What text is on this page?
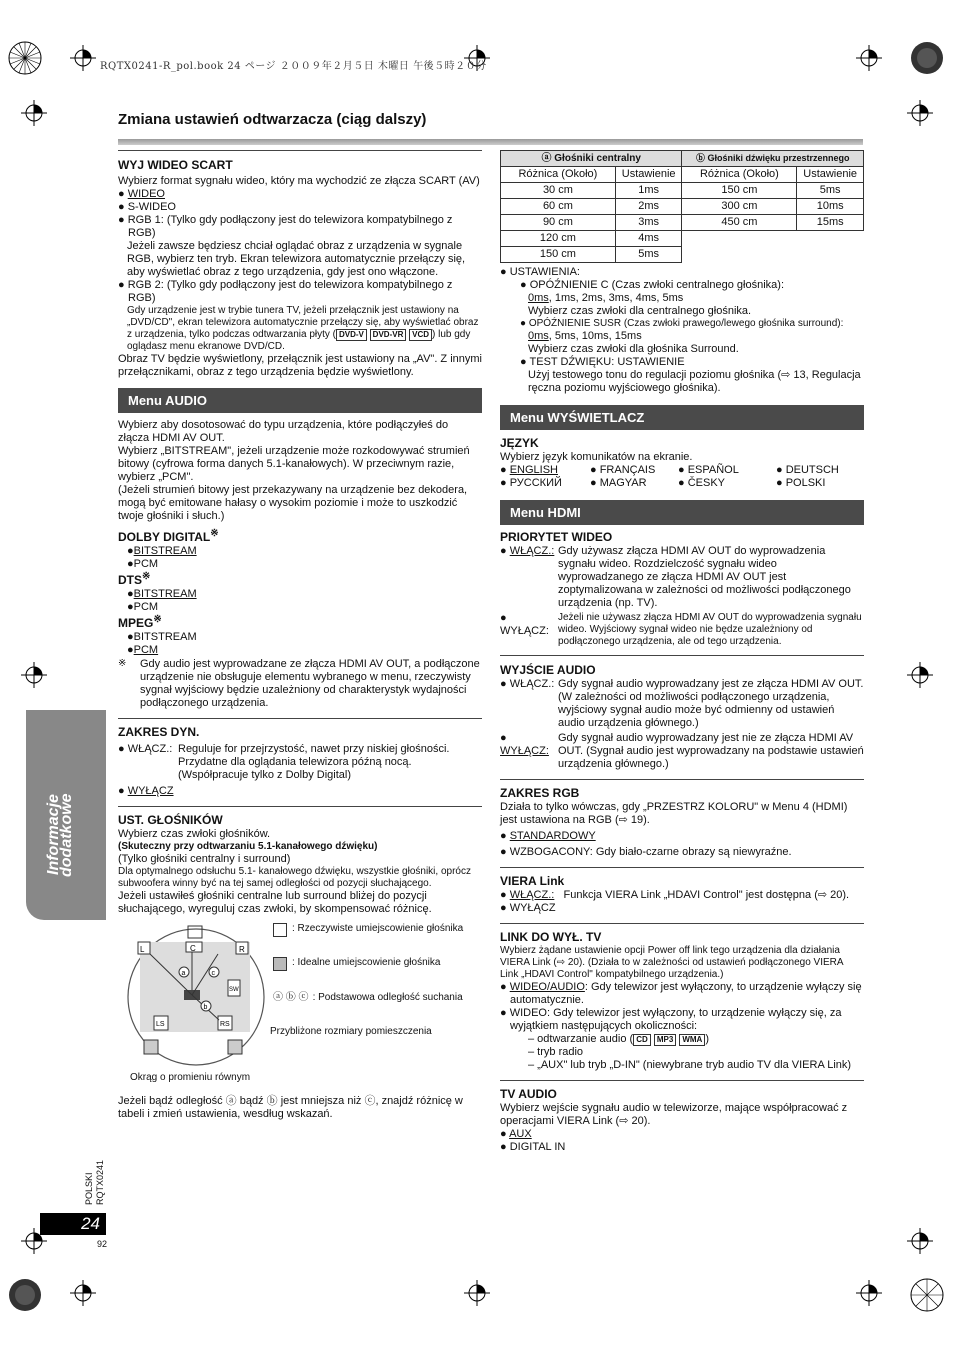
RQTX0241-R_pol.book 24 ページ ２００９年２月５日 木曜日 午後５時２０分
Zmiana ustawień odtwarzacza (ciąg dalszy)
Informacje dodatkowe
WYJ WIDEO SCART

Wybierz format sygnału wideo, który ma wychodzić ze złącza SCART (AV)

● WIDEO
● S-WIDEO
● RGB 1: (Tylko gdy podłączony jest do telewizora kompatybilnego z RGB)

Jeżeli zawsze będziesz chciał oglądać obraz z urządzenia w sygnale RGB, wybierz ten tryb. Ekran telewizora automatycznie przełączy się, aby wyświetlać obraz z tego urządzenia, gdy jest ono włączone.

● RGB 2: (Tylko gdy podłączony jest do telewizora kompatybilnego z RGB)

Gdy urządzenie jest w trybie tunera TV, jeżeli przełącznik jest ustawiony na „DVD/CD", ekran telewizora automatycznie przełączy się, aby wyświetlać obraz z urządzenia, tylko podczas odtwarzania płyty ( DVD-V DVD-VR VCD ) lub gdy oglądasz menu ekranowe DVD/CD.

Obraz TV będzie wyświetlony, przełącznik jest ustawiony na „AV". Z innymi przełącznikami, obraz z tego urządzenia będzie wyświetlony.

Menu AUDIO

Wybierz aby dosotosować do typu urządzenia, które podłączyłeś do złącza HDMI AV OUT.

Wybierz „BITSTREAM", jeżeli urządzenie może rozkodowywać strumień bitowy (cyfrowa forma danych 5.1-kanałowych). W przeciwnym razie, wybierz „PCM".

(Jeżeli strumień bitowy jest przekazywany na urządzenie bez dekodera, mogą być emitowane hałasy o wysokim poziomie i może to uszkodzić twoje głośniki i słuch.)

DOLBY DIGITAL※
●BITSTREAM
●PCM
DTS※
●BITSTREAM
●PCM
MPEG※
●BITSTREAM
●PCM
※	Gdy audio jest wyprowadzane ze złącza HDMI AV OUT, a podłączone urządzenie nie obsługuje elementu wybranego w menu, rzeczywisty sygnał wyjściowy będzie uzależniony od charakterystyk wydajności podłączonego urządzenia.

ZAKRES DYN.
● WŁĄCZ.: Reguluje for przejrzystość, nawet przy niskiej głośności. Przydatne dla oglądania telewizora późną nocą. (Współpracuje tylko z Dolby Digital)

● WYŁĄCZ
UST. GŁOŚNIKÓW

Wybierz czas zwłoki głośników.

(Skuteczny przy odtwarzaniu 5.1-kanałowego dźwięku)

(Tylko głośniki centralny i surround)

Dla optymalnego odsłuchu 5.1- kanałowego dźwięku, wszystkie głośniki, oprócz subwoofera winny być na tej samej odległości od pozycji słuchającego.

Jeżeli ustawiłeś głośniki centralne lub surround bliżej do pozycji słuchającego, wyreguluj czas zwłoki, by skompensować różnicę.

L	R
C
LS	RS
SW
a	c
b

: Rzeczywiste umiejscowienie głośnika

: Idealne umiejscowienie głośnika

ⓐ ⓑ ⓒ : Podstawowa odległość suchania

Przybliżone rozmiary pomieszczenia

Okrąg o promieniu równym

Jeżeli bądź odległość ⓐ bądź ⓑ jest mniejsza niż ⓒ, znajdź różnicę w tabeli i zmień ustawienia, wesdług wskazań.

ⓐ Głośniki centralny		ⓑ Głośniki dźwięku przestrzennego	
Różnica (Około)	Ustawienie	Różnica (Około)	Ustawienie
30 cm	1ms	150 cm	5ms
60 cm	2ms	300 cm	10ms
90 cm	3ms	450 cm	15ms
120 cm	4ms		
150 cm	5ms		
● USTAWIENIA:
● OPÓŹNIENIE C (Czas zwłoki centralnego głośnika):
0ms, 1ms, 2ms, 3ms, 4ms, 5ms
Wybierz czas zwłoki dla centralnego głośnika.
● OPÓŹNIENIE SUSR (Czas zwłoki prawego/lewego głośnika surround):
0ms, 5ms, 10ms, 15ms
Wybierz czas zwłoki dla głośnika Surround.
● TEST DŹWIĘKU: USTAWIENIE
Użyj testowego tonu do regulacji poziomu głośnika (⇨ 13, Regulacja ręczna poziomu wyjściowego głośnika).
Menu WYŚWIETLACZ
JĘZYK

Wybierz język komunikatów na ekranie.

● ENGLISH	● FRANÇAIS	● ESPAÑOL	● DEUTSCH
● РУССКИЙ	● MAGYAR	● ČESKY	● POLSKI
Menu HDMI
PRIORYTET WIDEO
● WŁĄCZ.: Gdy używasz złącza HDMI AV OUT do wyprowadzenia sygnału wideo. Rozdzielczość sygnału wideo wyprowadzanego ze złącza HDMI AV OUT jest zoptymalizowana w zależności od możliwości podłączonego urządzenia (np. TV).

● WYŁĄCZ:

Jeżeli nie używasz złącza HDMI AV OUT do wyprowadzenia sygnału wideo. Wyjściowy sygnał wideo nie będze uzależniony od podłączonego urządzenia, ale od tego urządzenia.

WYJŚCIE AUDIO
● WŁĄCZ.: Gdy sygnał audio wyprowadzany jest ze złącza HDMI AV OUT. (W zależności od możliwości podłączonego urządzenia, wyjściowy sygnał audio może być odmienny od ustawień audio urządzenia głównego.)

● WYŁĄCZ:

Gdy sygnał audio wyprowadzany jest nie ze złącza HDMI AV OUT. (Sygnał audio jest wyprowadzany na podstawie ustawień urządzenia głównego.)

ZAKRES RGB

Działa to tylko wówczas, gdy „PRZESTRZ KOLORU" w Menu 4 (HDMI) jest ustawiona na RGB (⇨ 19).

● STANDARDOWY
● WZBOGACONY: Gdy biało-czarne obrazy są niewyraźne.
VIERA Link
● WŁĄCZ.: Funkcja VIERA Link „HDAVI Control" jest dostępna (⇨ 20).
● WYŁĄCZ
LINK DO WYŁ. TV

Wybierz żądane ustawienie opcji Power off link tego urządzenia dla działania VIERA Link (⇨ 20). (Działa to w zależności od ustawień podłączonego VIERA Link „HDAVI Control" kompatybilnego urządzenia.)

● WIDEO/AUDIO: Gdy telewizor jest wyłączony, to urządzenie wyłączy się automatycznie.
● WIDEO: Gdy telewizor jest wyłączony, to urządzenie wyłączy się, za wyjątkiem następujących okoliczności:
– odtwarzanie audio ( CD MP3 WMA )
– tryb radio
– „AUX" lub tryb „D-IN" (niewybrane tryb audio TV dla VIERA Link)
TV AUDIO

Wybierz wejście sygnału audio w telewizorze, mające współpracować z operacjami VIERA Link (⇨ 20).

● AUX
● DIGITAL IN
POLSKI
RQTX0241
24
92
